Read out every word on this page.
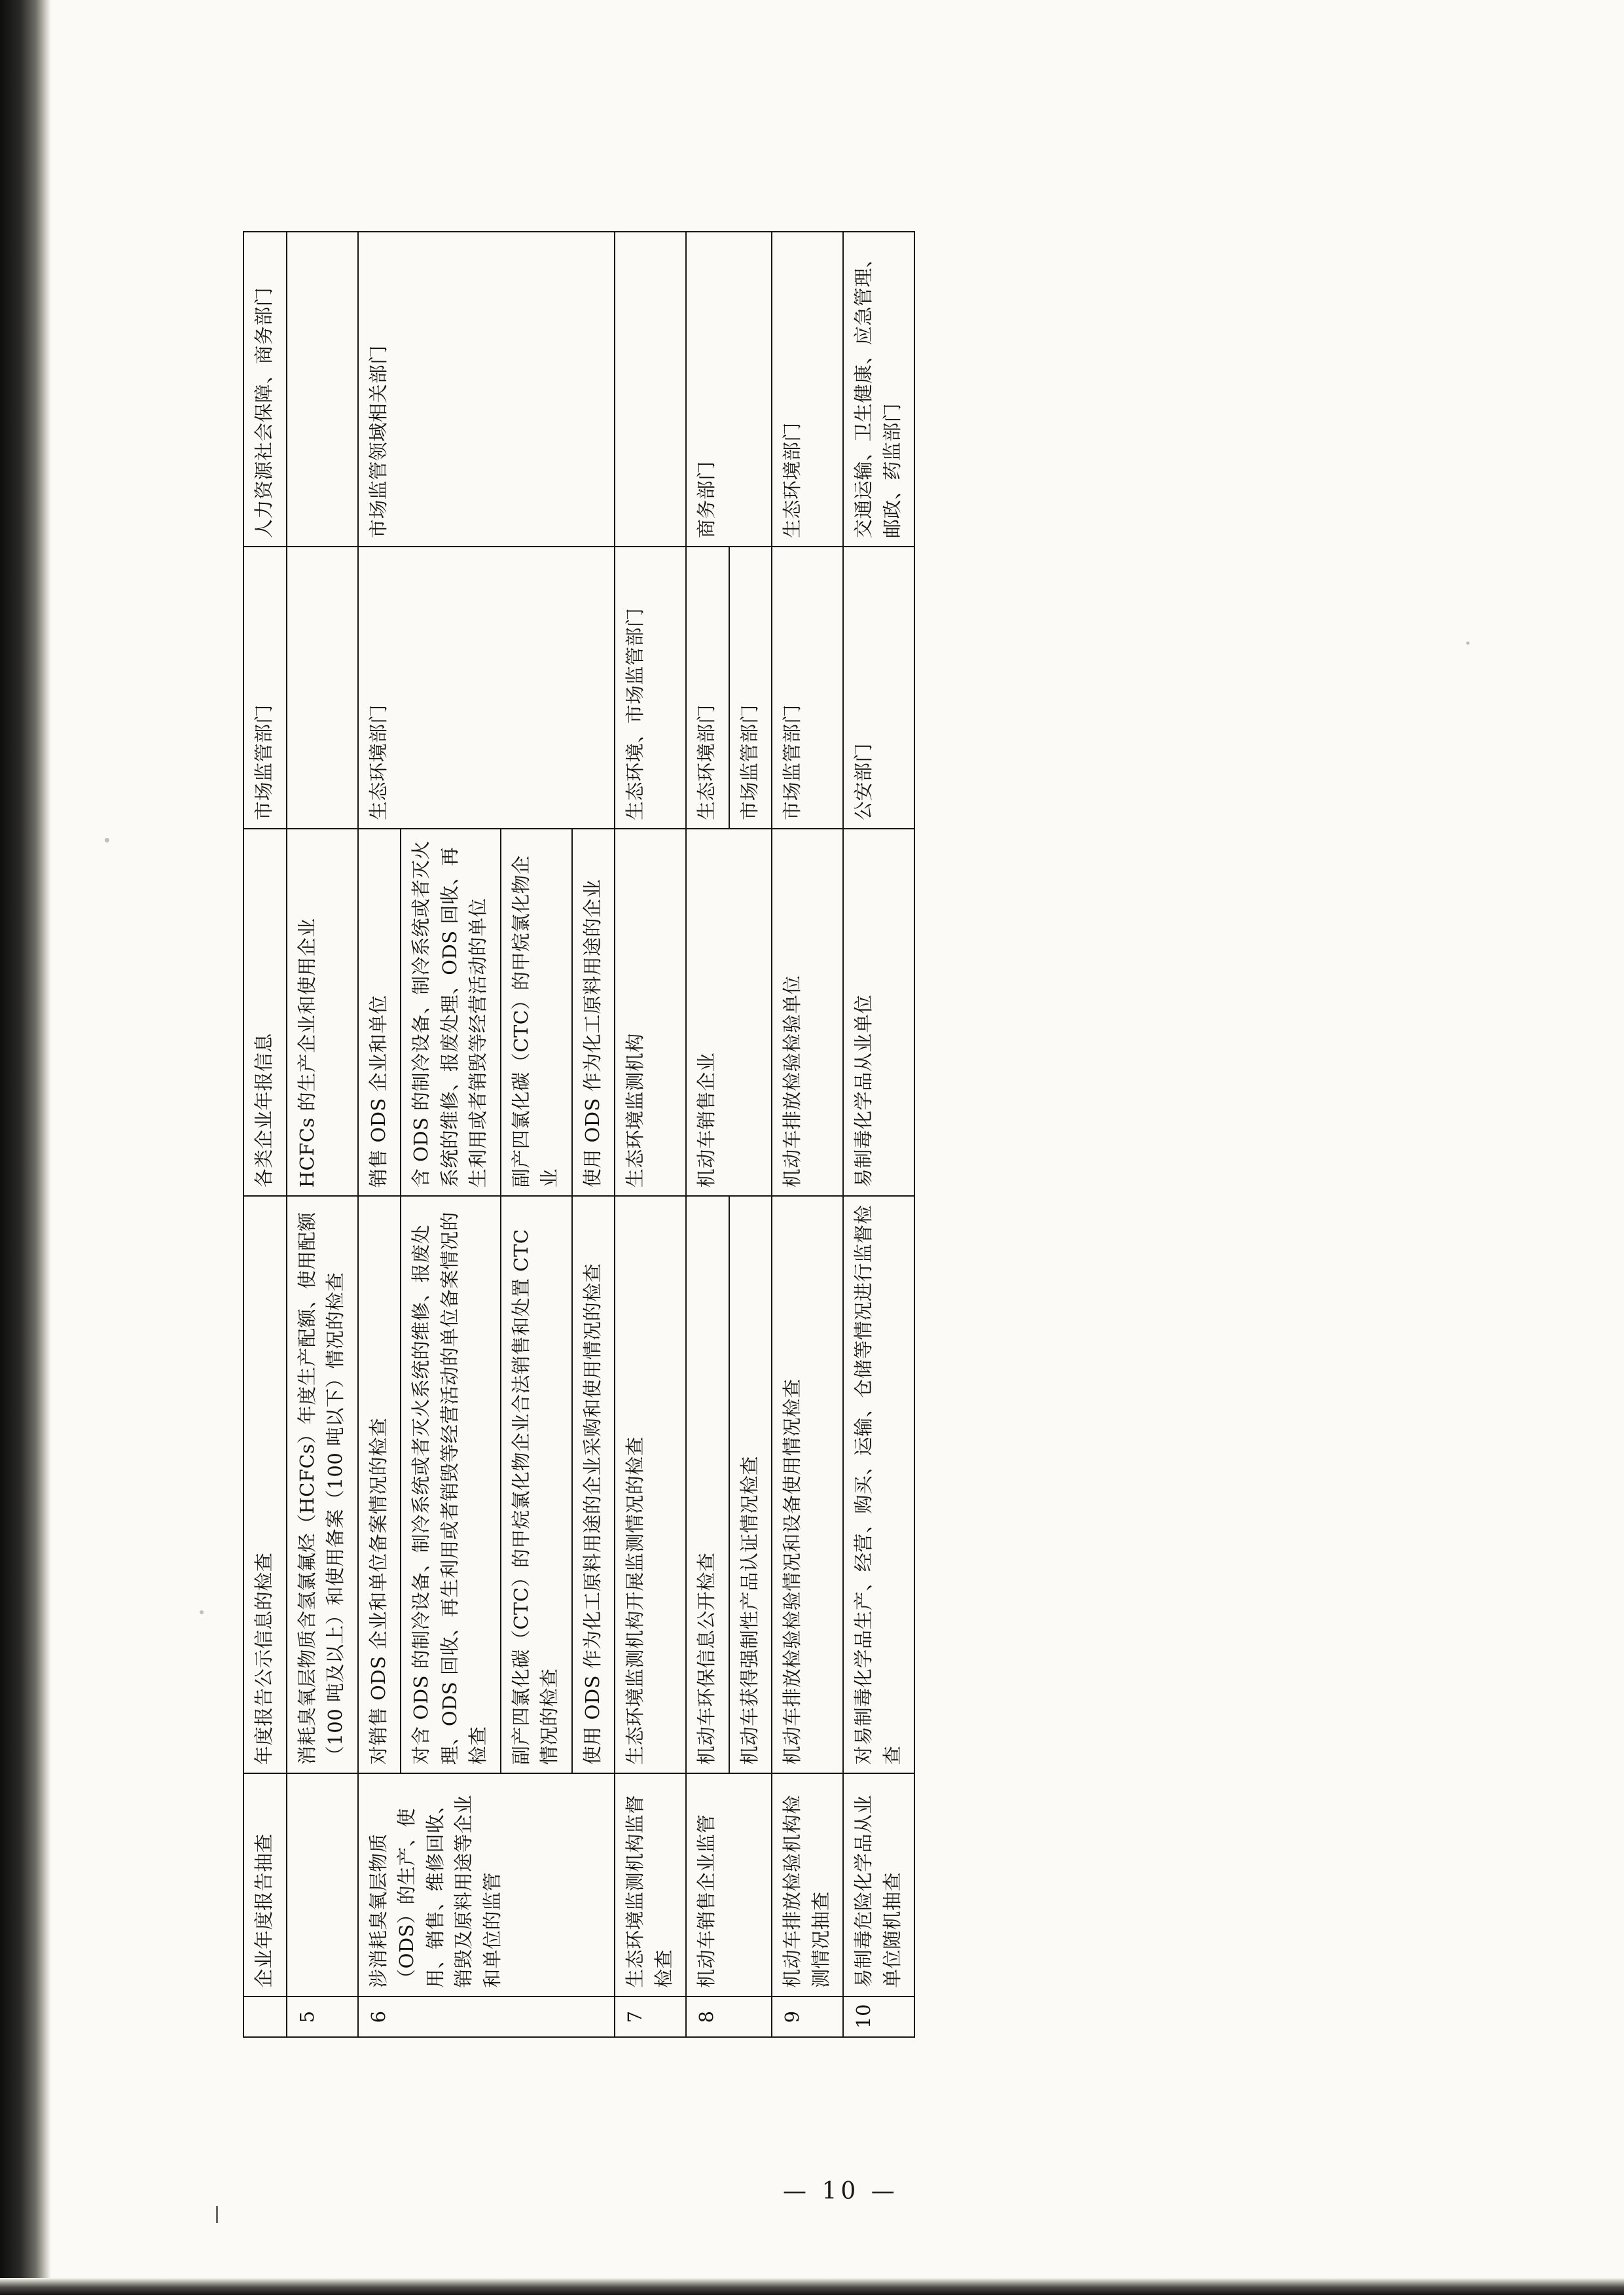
	企业年度报告抽查	年度报告公示信息的检查	各类企业年报信息	市场监管部门	人力资源社会保障、商务部门
5		消耗臭氧层物质含氢氯氟烃（HCFCs）年度生产配额、使用配额（100 吨及以上）和使用备案（100 吨以下）情况的检查	HCFCs 的生产企业和使用企业		
6	涉消耗臭氧层物质（ODS）的生产、使用、销售、维修回收、销毁及原料用途等企业和单位的监管	对销售 ODS 企业和单位备案情况的检查	销售 ODS 企业和单位	生态环境部门	市场监管领域相关部门
		对含 ODS 的制冷设备、制冷系统或者灭火系统的维修、报废处理、ODS 回收、再生利用或者销毁等经营活动的单位备案情况的检查	含 ODS 的制冷设备、制冷系统或者灭火系统的维修、报废处理、ODS 回收、再生利用或者销毁等经营活动的单位		
		副产四氯化碳（CTC）的甲烷氯化物企业合法销售和处置 CTC 情况的检查	副产四氯化碳（CTC）的甲烷氯化物企业		
		使用 ODS 作为化工原料用途的企业采购和使用情况的检查	使用 ODS 作为化工原料用途的企业		
7	生态环境监测机构监督检查	生态环境监测机构开展监测情况的检查	生态环境监测机构	生态环境、市场监管部门	
8	机动车销售企业监管	机动车环保信息公开检查	机动车销售企业	生态环境部门	商务部门
		机动车获得强制性产品认证情况检查		市场监管部门	
9	机动车排放检验机构检测情况抽查	机动车排放检验检验情况和设备使用情况检查	机动车排放检验检验单位	市场监管部门	生态环境部门
10	易制毒危险化学品从业单位随机抽查	对易制毒化学品生产、经营、购买、运输、仓储等情况进行监督检查	易制毒化学品从业单位	公安部门	交通运输、卫生健康、应急管理、邮政、药监部门
— 10 —
